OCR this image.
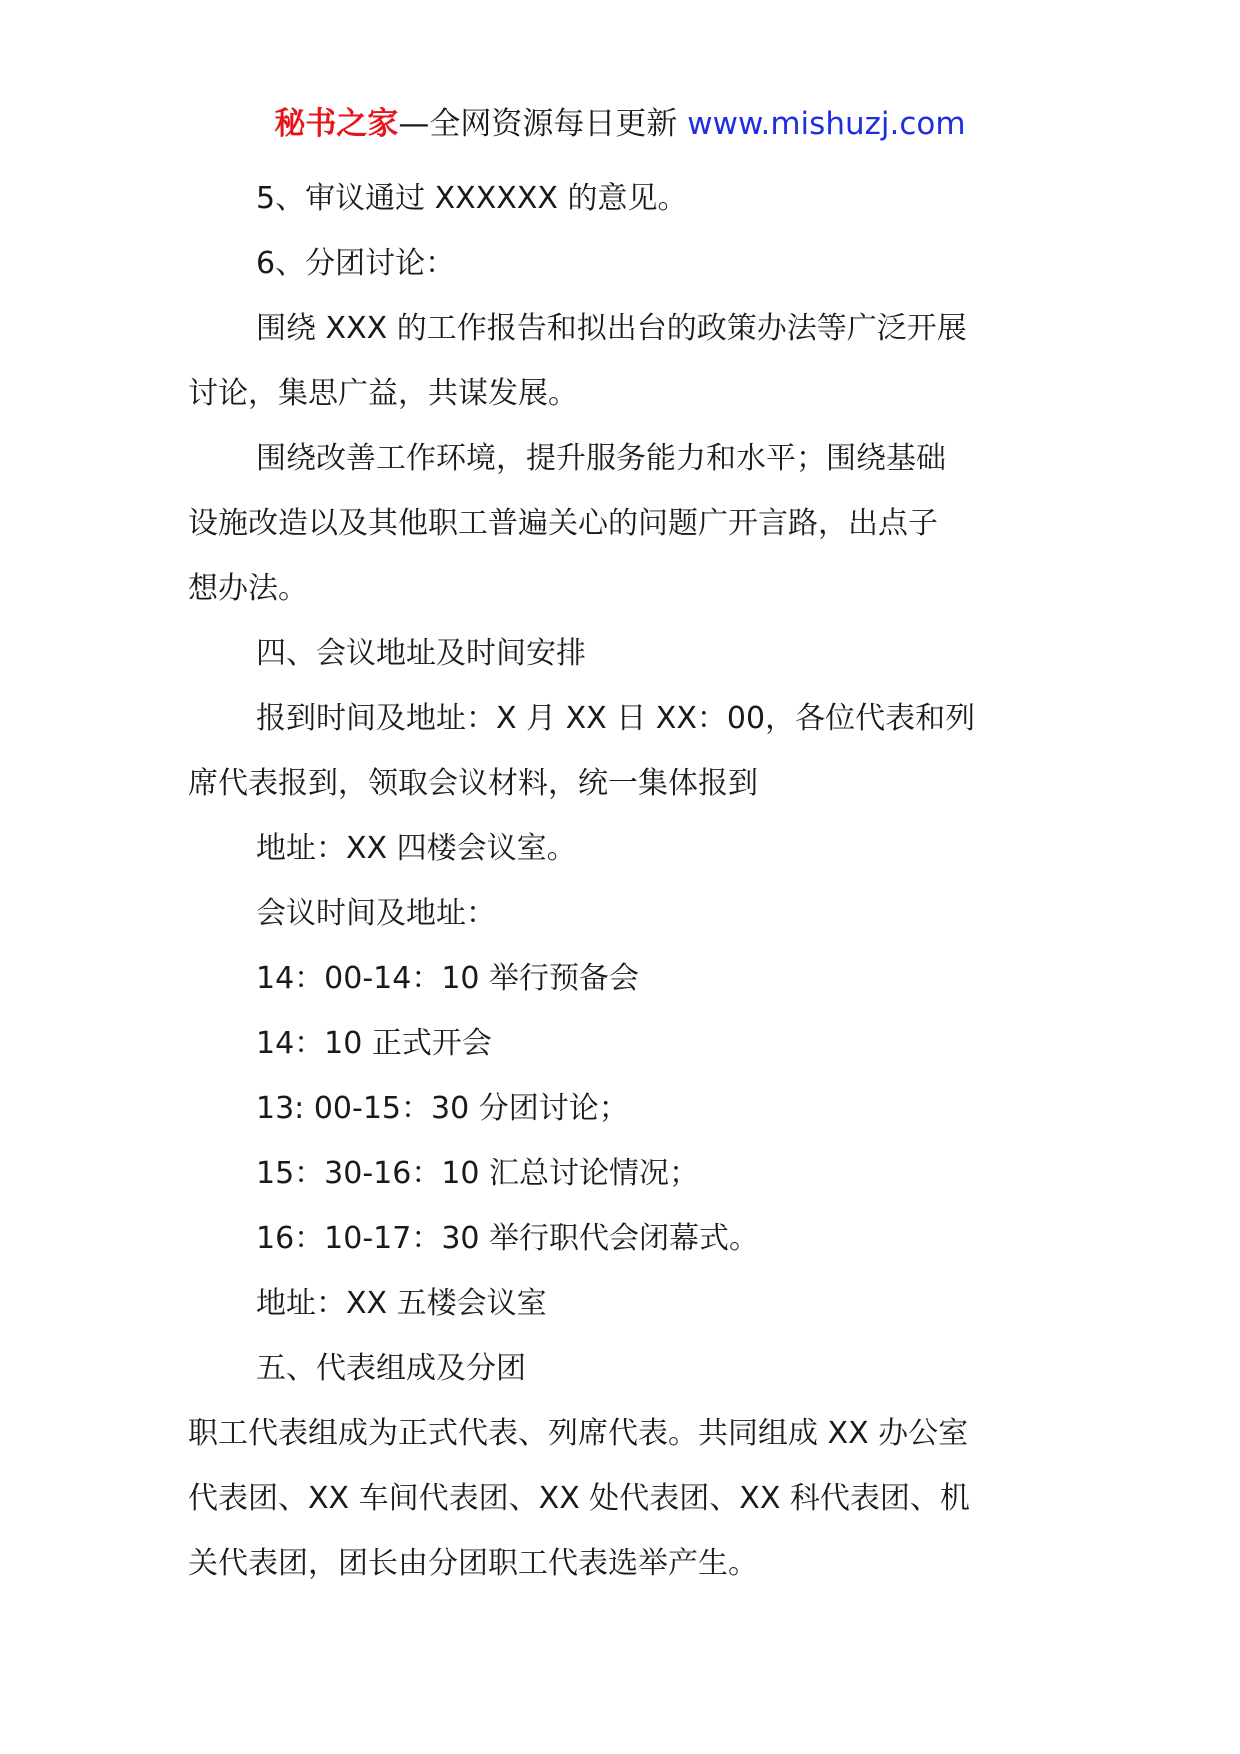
秘书之家—全网资源每日更新 www.mishuzj.com

5、审议通过 XXXXXX 的意见。

6、分团讨论：

围绕 XXX 的工作报告和拟出台的政策办法等广泛开展

讨论，集思广益，共谋发展。

围绕改善工作环境，提升服务能力和水平；围绕基础

设施改造以及其他职工普遍关心的问题广开言路，出点子

想办法。

四、会议地址及时间安排

报到时间及地址：X 月 XX 日 XX：00，各位代表和列

席代表报到，领取会议材料，统一集体报到

地址：XX 四楼会议室。

会议时间及地址：

14：00-14：10 举行预备会

14：10 正式开会

13: 00-15：30 分团讨论；

15：30-16：10 汇总讨论情况；

16：10-17：30 举行职代会闭幕式。

地址：XX 五楼会议室

五、代表组成及分团

职工代表组成为正式代表、列席代表。共同组成 XX 办公室

代表团、XX 车间代表团、XX 处代表团、XX 科代表团、机

关代表团，团长由分团职工代表选举产生。
